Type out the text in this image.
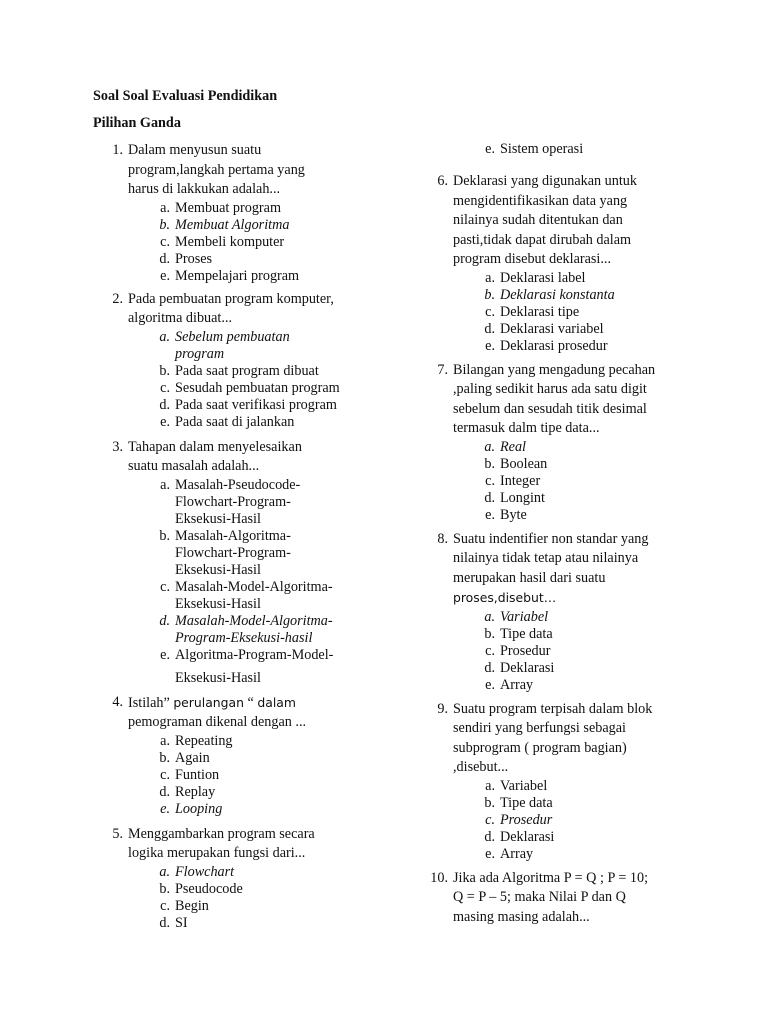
Soal Soal Evaluasi Pendidikan
Pilihan Ganda
1. Dalam menyusun suatu
program,langkah pertama yang
harus di lakkukan adalah...
a. Membuat program
b. Membuat Algoritma
c. Membeli komputer
d. Proses
e. Mempelajari program
2. Pada pembuatan program komputer,
algoritma dibuat...
a. Sebelum pembuatan
program
b. Pada saat program dibuat
c. Sesudah pembuatan program
d. Pada saat verifikasi program
e. Pada saat di jalankan
3. Tahapan dalam menyelesaikan
suatu masalah adalah...
a. Masalah-Pseudocode-
Flowchart-Program-
Eksekusi-Hasil
b. Masalah-Algoritma-
Flowchart-Program-
Eksekusi-Hasil
c. Masalah-Model-Algoritma-
Eksekusi-Hasil
d. Masalah-Model-Algoritma-
Program-Eksekusi-hasil
e. Algoritma-Program-Model-
Eksekusi-Hasil
4. Istilah” perulangan “ dalam
pemograman dikenal dengan ...
a. Repeating
b. Again
c. Funtion
d. Replay
e. Looping
5. Menggambarkan program secara
logika merupakan fungsi dari...
a. Flowchart
b. Pseudocode
c. Begin
d. SI
e. Sistem operasi
6. Deklarasi yang digunakan untuk
mengidentifikasikan data yang
nilainya sudah ditentukan dan
pasti,tidak dapat dirubah dalam
program disebut deklarasi...
a. Deklarasi label
b. Deklarasi konstanta
c. Deklarasi tipe
d. Deklarasi variabel
e. Deklarasi prosedur
7. Bilangan yang mengadung pecahan
,paling sedikit harus ada satu digit
sebelum dan sesudah titik desimal
termasuk dalm tipe data...
a. Real
b. Boolean
c. Integer
d. Longint
e. Byte
8. Suatu indentifier non standar yang
nilainya tidak tetap atau nilainya
merupakan hasil dari suatu
proses,disebut…
a. Variabel
b. Tipe data
c. Prosedur
d. Deklarasi
e. Array
9. Suatu program terpisah dalam blok
sendiri yang berfungsi sebagai
subprogram ( program bagian)
,disebut...
a. Variabel
b. Tipe data
c. Prosedur
d. Deklarasi
e. Array
10. Jika ada Algoritma P = Q ; P = 10;
Q = P – 5; maka Nilai P dan Q
masing masing adalah...
